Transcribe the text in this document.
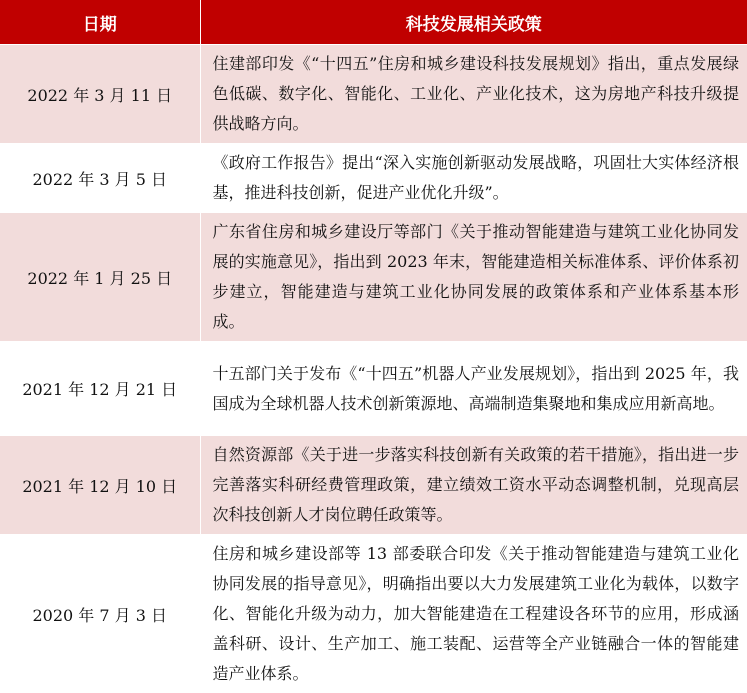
日期	科技发展相关政策
2022 年 3 月 11 日	住建部印发《“十四五”住房和城乡建设科技发展规划》指出，重点发展绿色低碳、数字化、智能化、工业化、产业化技术，这为房地产科技升级提供战略方向。
2022 年 3 月 5 日	《政府工作报告》提出“深入实施创新驱动发展战略，巩固壮大实体经济根基，推进科技创新，促进产业优化升级”。
2022 年 1 月 25 日	广东省住房和城乡建设厅等部门《关于推动智能建造与建筑工业化协同发展的实施意见》，指出到 2023 年末，智能建造相关标准体系、评价体系初步建立，智能建造与建筑工业化协同发展的政策体系和产业体系基本形成。
2021 年 12 月 21 日	十五部门关于发布《“十四五”机器人产业发展规划》，指出到 2025 年，我国成为全球机器人技术创新策源地、高端制造集聚地和集成应用新高地。
2021 年 12 月 10 日	自然资源部《关于进一步落实科技创新有关政策的若干措施》，指出进一步完善落实科研经费管理政策，建立绩效工资水平动态调整机制，兑现高层次科技创新人才岗位聘任政策等。
2020 年 7 月 3 日	住房和城乡建设部等 13 部委联合印发《关于推动智能建造与建筑工业化协同发展的指导意见》，明确指出要以大力发展建筑工业化为载体，以数字化、智能化升级为动力，加大智能建造在工程建设各环节的应用，形成涵盖科研、设计、生产加工、施工装配、运营等全产业链融合一体的智能建造产业体系。
